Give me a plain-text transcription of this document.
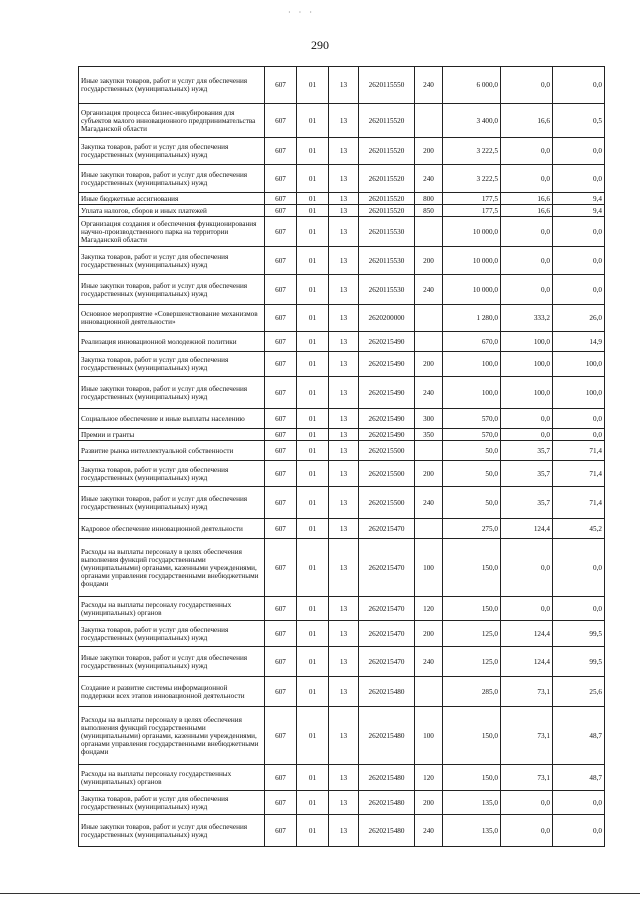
· · ·
290
Иные закупки товаров, работ и услуг для обеспечения государственных (муниципальных) нужд	607	01	13	2620115550	240	6 000,0	0,0	0,0
Организация процесса бизнес-инкубирования для субъектов малого инновационного предпринимательства Магаданской области	607	01	13	2620115520		3 400,0	16,6	0,5
Закупка товаров, работ и услуг для обеспечения государственных (муниципальных) нужд	607	01	13	2620115520	200	3 222,5	0,0	0,0
Иные закупки товаров, работ и услуг для обеспечения государственных (муниципальных) нужд	607	01	13	2620115520	240	3 222,5	0,0	0,0
Иные бюджетные ассигнования	607	01	13	2620115520	800	177,5	16,6	9,4
Уплата налогов, сборов и иных платежей	607	01	13	2620115520	850	177,5	16,6	9,4
Организация создания и обеспечения функционирования научно-производственного парка на территории Магаданской области	607	01	13	2620115530		10 000,0	0,0	0,0
Закупка товаров, работ и услуг для обеспечения государственных (муниципальных) нужд	607	01	13	2620115530	200	10 000,0	0,0	0,0
Иные закупки товаров, работ и услуг для обеспечения государственных (муниципальных) нужд	607	01	13	2620115530	240	10 000,0	0,0	0,0
Основное мероприятие «Совершенствование механизмов инновационной деятельности»	607	01	13	2620200000		1 280,0	333,2	26,0
Реализация инновационной молодежной политики	607	01	13	2620215490		670,0	100,0	14,9
Закупка товаров, работ и услуг для обеспечения государственных (муниципальных) нужд	607	01	13	2620215490	200	100,0	100,0	100,0
Иные закупки товаров, работ и услуг для обеспечения государственных (муниципальных) нужд	607	01	13	2620215490	240	100,0	100,0	100,0
Социальное обеспечение и иные выплаты населению	607	01	13	2620215490	300	570,0	0,0	0,0
Премии и гранты	607	01	13	2620215490	350	570,0	0,0	0,0
Развитие рынка интеллектуальной собственности	607	01	13	2620215500		50,0	35,7	71,4
Закупка товаров, работ и услуг для обеспечения государственных (муниципальных) нужд	607	01	13	2620215500	200	50,0	35,7	71,4
Иные закупки товаров, работ и услуг для обеспечения государственных (муниципальных) нужд	607	01	13	2620215500	240	50,0	35,7	71,4
Кадровое обеспечение инновационной деятельности	607	01	13	2620215470		275,0	124,4	45,2
Расходы на выплаты персоналу в целях обеспечения выполнения функций государственными (муниципальными) органами, казенными учреждениями, органами управления государственными внебюджетными фондами	607	01	13	2620215470	100	150,0	0,0	0,0
Расходы на выплаты персоналу государственных (муниципальных) органов	607	01	13	2620215470	120	150,0	0,0	0,0
Закупка товаров, работ и услуг для обеспечения государственных (муниципальных) нужд	607	01	13	2620215470	200	125,0	124,4	99,5
Иные закупки товаров, работ и услуг для обеспечения государственных (муниципальных) нужд	607	01	13	2620215470	240	125,0	124,4	99,5
Создание и развитие системы информационной поддержки всех этапов инновационной деятельности	607	01	13	2620215480		285,0	73,1	25,6
Расходы на выплаты персоналу в целях обеспечения выполнения функций государственными (муниципальными) органами, казенными учреждениями, органами управления государственными внебюджетными фондами	607	01	13	2620215480	100	150,0	73,1	48,7
Расходы на выплаты персоналу государственных (муниципальных) органов	607	01	13	2620215480	120	150,0	73,1	48,7
Закупка товаров, работ и услуг для обеспечения государственных (муниципальных) нужд	607	01	13	2620215480	200	135,0	0,0	0,0
Иные закупки товаров, работ и услуг для обеспечения государственных (муниципальных) нужд	607	01	13	2620215480	240	135,0	0,0	0,0
